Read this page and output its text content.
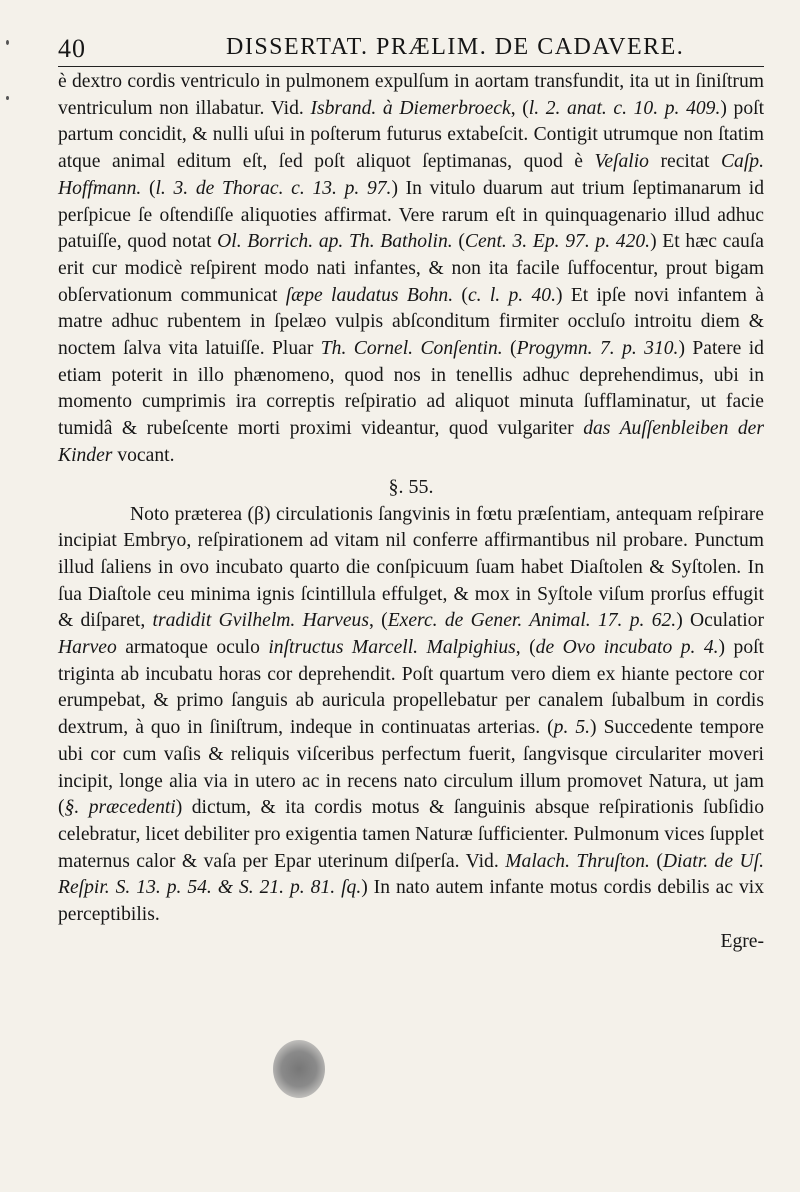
40	DISSERTAT. PRÆLIM. DE CADAVERE.

è dextro cordis ventriculo in pulmonem expulſum in aortam transfundit, ita ut in ſiniſtrum ventriculum non illabatur. Vid. Isbrand. à Diemerbroeck, (l. 2. anat. c. 10. p. 409.) poſt partum concidit, & nulli uſui in poſterum futurus extabeſcit. Contigit utrumque non ſtatim atque animal editum eſt, ſed poſt aliquot ſeptimanas, quod è Veſalio recitat Caſp. Hoffmann. (l. 3. de Thorac. c. 13. p. 97.) In vitulo duarum aut trium ſeptimanarum id perſpicue ſe oſtendiſſe aliquoties affirmat. Vere rarum eſt in quinquagenario illud adhuc patuiſſe, quod notat Ol. Borrich. ap. Th. Batholin. (Cent. 3. Ep. 97. p. 420.) Et hæc cauſa erit cur modicè reſpirent modo nati infantes, & non ita facile ſuffocentur, prout bigam obſervationum communicat ſæpe laudatus Bohn. (c. l. p. 40.) Et ipſe novi infantem à matre adhuc rubentem in ſpelæo vulpis abſconditum firmiter occluſo introitu diem & noctem ſalva vita latuiſſe. Pluar Th. Cornel. Conſentin. (Progymn. 7. p. 310.) Patere id etiam poterit in illo phænomeno, quod nos in tenellis adhuc deprehendimus, ubi in momento cumprimis ira correptis reſpiratio ad aliquot minuta ſufflaminatur, ut facie tumidâ & rubeſcente morti proximi videantur, quod vulgariter das Auſſenbleiben der Kinder vocant.

§. 55.

Noto præterea (β) circulationis ſangvinis in fœtu præſentiam, antequam reſpirare incipiat Embryo, reſpirationem ad vitam nil conferre affirmantibus nil probare. Punctum illud ſaliens in ovo incubato quarto die conſpicuum ſuam habet Diaſtolen & Syſtolen. In ſua Diaſtole ceu minima ignis ſcintillula effulget, & mox in Syſtole viſum prorſus effugit & diſparet, tradidit Gvilhelm. Harveus, (Exerc. de Gener. Animal. 17. p. 62.) Oculatior Harveo armatoque oculo inſtructus Marcell. Malpighius, (de Ovo incubato p. 4.) poſt triginta ab incubatu horas cor deprehendit. Poſt quartum vero diem ex hiante pectore cor erumpebat, & primo ſanguis ab auricula propellebatur per canalem ſubalbum in cordis dextrum, à quo in ſiniſtrum, indeque in continuatas arterias. (p. 5.) Succedente tempore ubi cor cum vaſis & reliquis viſceribus perfectum fuerit, ſangvisque circulariter moveri incipit, longe alia via in utero ac in recens nato circulum illum promovet Natura, ut jam (§. præcedenti) dictum, & ita cordis motus & ſanguinis absque reſpirationis ſubſidio celebratur, licet debiliter pro exigentia tamen Naturæ ſufficienter. Pulmonum vices ſupplet maternus calor & vaſa per Epar uterinum diſperſa. Vid. Malach. Thruſton. (Diatr. de Uſ. Reſpir. S. 13. p. 54. & S. 21. p. 81. ſq.) In nato autem infante motus cordis debilis ac vix perceptibilis.

Egre-
